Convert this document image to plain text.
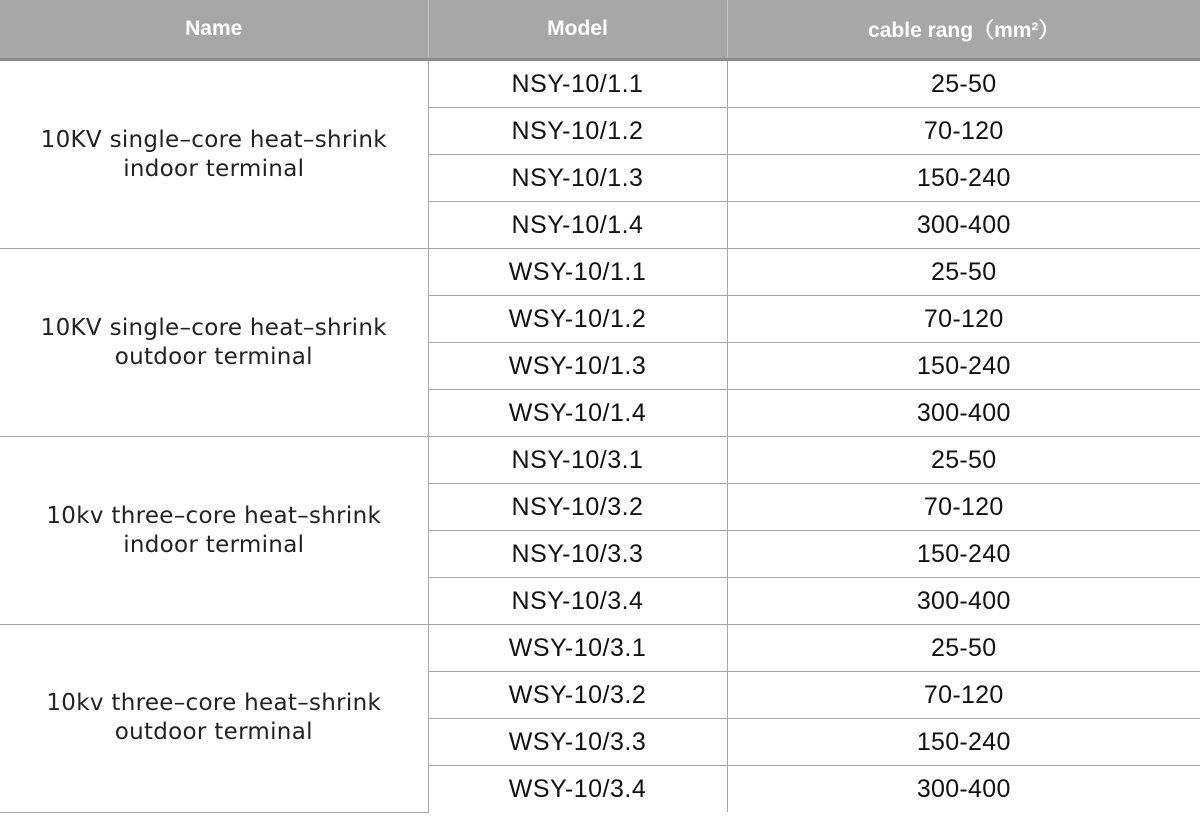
Name	Model	cable rang（mm²）

10KV single–core heat–shrink
indoor terminal	NSY-10/1.1	25-50
	NSY-10/1.2	70-120
	NSY-10/1.3	150-240
	NSY-10/1.4	300-400

10KV single–core heat–shrink
outdoor terminal	WSY-10/1.1	25-50
	WSY-10/1.2	70-120
	WSY-10/1.3	150-240
	WSY-10/1.4	300-400

10kv three–core heat–shrink
indoor terminal	NSY-10/3.1	25-50
	NSY-10/3.2	70-120
	NSY-10/3.3	150-240
	NSY-10/3.4	300-400

10kv three–core heat–shrink
outdoor terminal	WSY-10/3.1	25-50
	WSY-10/3.2	70-120
	WSY-10/3.3	150-240
	WSY-10/3.4	300-400
